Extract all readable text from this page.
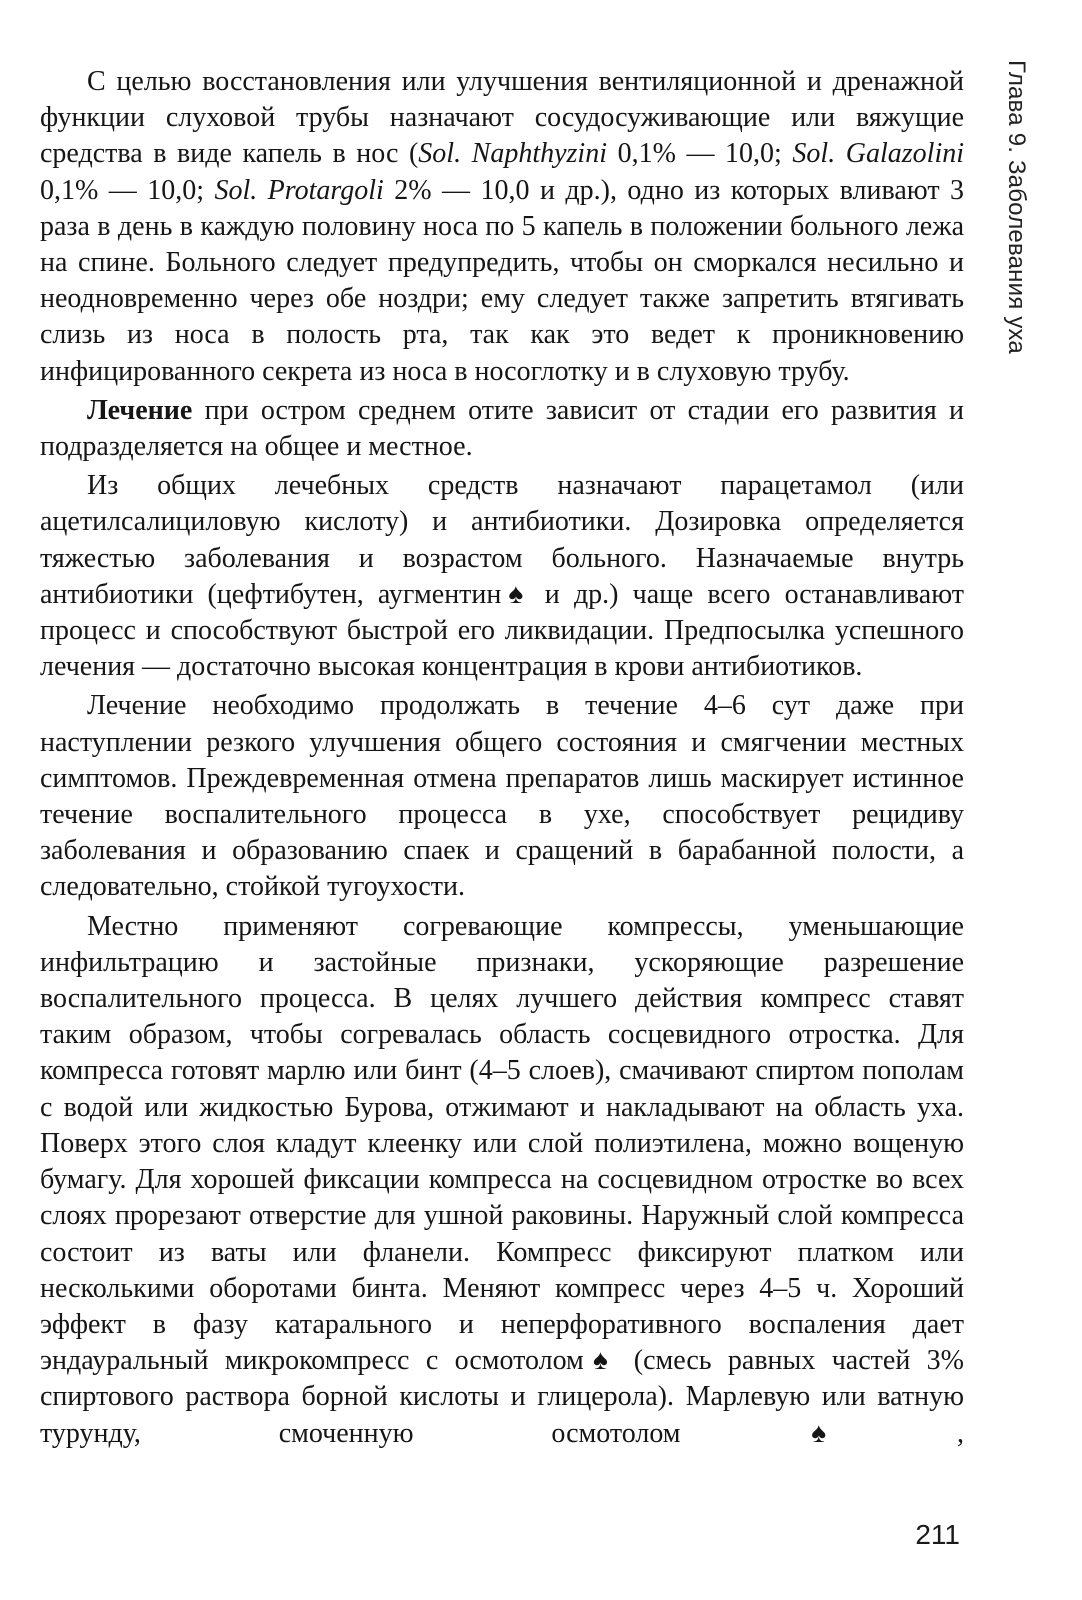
Глава 9. Заболевания уха

С целью восстановления или улучшения вентиляционной и дренажной функции слуховой трубы назначают сосудосуживающие или вяжущие средства в виде капель в нос (Sol. Naphthyzini 0,1% — 10,0; Sol. Galazolini 0,1% — 10,0; Sol. Protargoli 2% — 10,0 и др.), одно из которых вливают 3 раза в день в каждую половину носа по 5 капель в положении больного лежа на спине. Больного следует предупредить, чтобы он сморкался несильно и неодновременно через обе ноздри; ему следует также запретить втягивать слизь из носа в полость рта, так как это ведет к проникновению инфицированного секрета из носа в носоглотку и в слуховую трубу.

Лечение при остром среднем отите зависит от стадии его развития и подразделяется на общее и местное.

Из общих лечебных средств назначают парацетамол (или ацетилсалициловую кислоту) и антибиотики. Дозировка определяется тяжестью заболевания и возрастом больного. Назначаемые внутрь антибиотики (цефтибутен, аугментин♠ и др.) чаще всего останавливают процесс и способствуют быстрой его ликвидации. Предпосылка успешного лечения — достаточно высокая концентрация в крови антибиотиков.

Лечение необходимо продолжать в течение 4–6 сут даже при наступлении резкого улучшения общего состояния и смягчении местных симптомов. Преждевременная отмена препаратов лишь маскирует истинное течение воспалительного процесса в ухе, способствует рецидиву заболевания и образованию спаек и сращений в барабанной полости, а следовательно, стойкой тугоухости.

Местно применяют согревающие компрессы, уменьшающие инфильтрацию и застойные признаки, ускоряющие разрешение воспалительного процесса. В целях лучшего действия компресс ставят таким образом, чтобы согревалась область сосцевидного отростка. Для компресса готовят марлю или бинт (4–5 слоев), смачивают спиртом пополам с водой или жидкостью Бурова, отжимают и накладывают на область уха. Поверх этого слоя кладут клеенку или слой полиэтилена, можно вощеную бумагу. Для хорошей фиксации компресса на сосцевидном отростке во всех слоях прорезают отверстие для ушной раковины. Наружный слой компресса состоит из ваты или фланели. Компресс фиксируют платком или несколькими оборотами бинта. Меняют компресс через 4–5 ч. Хороший эффект в фазу катарального и неперфоративного воспаления дает эндауральный микрокомпресс с осмотолом♠ (смесь равных частей 3% спиртового раствора борной кислоты и глицерола). Марлевую или ватную турунду, смоченную осмотолом♠,

211
